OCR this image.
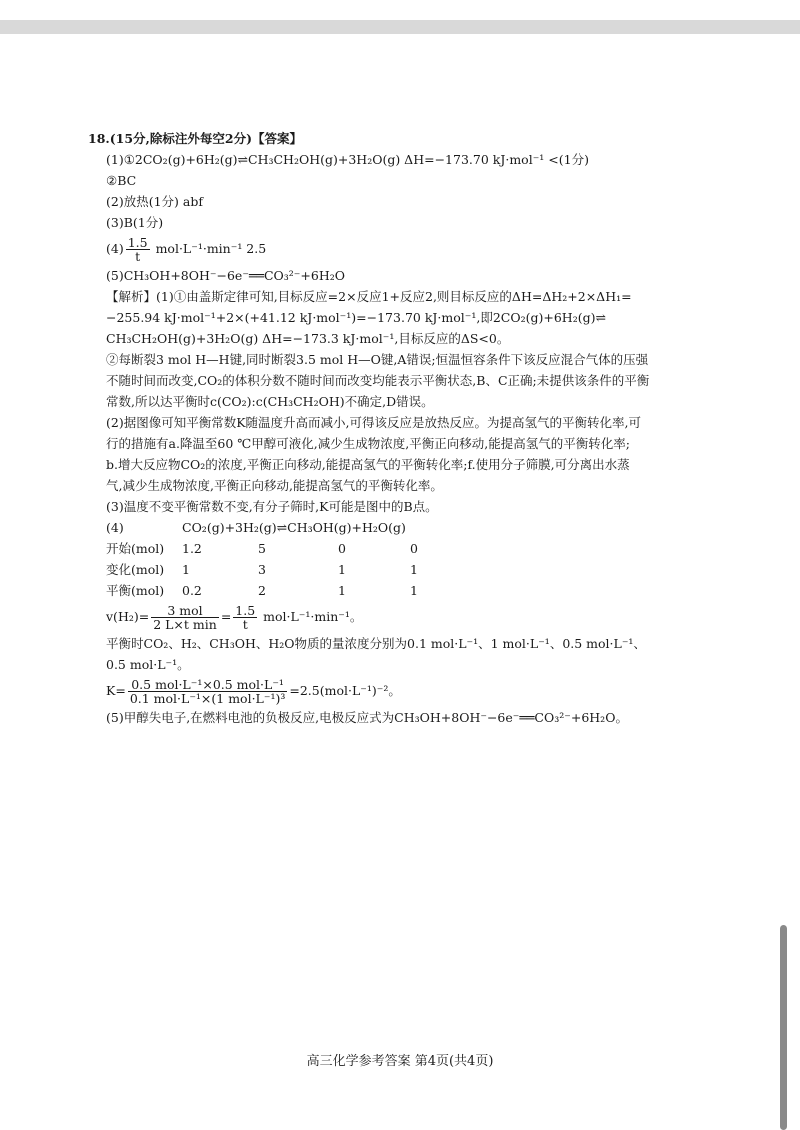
18.(15分,除标注外每空2分)【答案】
(1)①2CO₂(g)+6H₂(g)⇌CH₃CH₂OH(g)+3H₂O(g) ΔH=−173.70 kJ·mol⁻¹ <(1分)
②BC
(2)放热(1分) abf
(3)B(1分)
$(4) \frac{1.5}{t} mol\cdot L^{-1}\cdot\min^{-1}$ 2.5
(5)CH₃OH+8OH⁻−6e⁻══CO₃²⁻+6H₂O
【解析】(1)①由盖斯定律可知,目标反应=2×反应1+反应2,则目标反应的ΔH=ΔH₂+2×ΔH₁=
−255.94 kJ·mol⁻¹+2×(+41.12 kJ·mol⁻¹)=−173.70 kJ·mol⁻¹,即2CO₂(g)+6H₂(g)⇌
CH₃CH₂OH(g)+3H₂O(g) ΔH=−173.3 kJ·mol⁻¹,目标反应的ΔS<0。
②每断裂3 mol H—H键,同时断裂3.5 mol H—O键,A错误;恒温恒容条件下该反应混合气体的压强
不随时间而改变,CO₂的体积分数不随时间而改变均能表示平衡状态,B、C正确;未提供该条件的平衡
常数,所以达平衡时c(CO₂):c(CH₃CH₂OH)不确定,D错误。
(2)据图像可知平衡常数K随温度升高而减小,可得该反应是放热反应。为提高氢气的平衡转化率,可
行的措施有a.降温至60 ℃甲醇可液化,减少生成物浓度,平衡正向移动,能提高氢气的平衡转化率;
b.增大反应物CO₂的浓度,平衡正向移动,能提高氢气的平衡转化率;f.使用分子筛膜,可分离出水蒸
气,减少生成物浓度,平衡正向移动,能提高氢气的平衡转化率。
(3)温度不变平衡常数不变,有分子筛时,K可能是图中的B点。
(4)	CO₂(g)+3H₂(g)⇌CH₃OH(g)+H₂O(g)			
开始(mol)	1.2	5	0	0
变化(mol)	1	3	1	1
平衡(mol)	0.2	2	1	1
$v(H_2)= \frac{\text{3 mol}}{\text{2 L×t min}} = \frac{1.5}{t} mol\cdot L^{-1}\cdot\min^{-1}$。
平衡时CO₂、H₂、CH₃OH、H₂O物质的量浓度分别为0.1 mol·L⁻¹、1 mol·L⁻¹、0.5 mol·L⁻¹、
0.5 mol·L⁻¹。
$K= \frac{\text{0.5 mol·L⁻¹×0.5 mol·L⁻¹}}{\text{0.1 mol·L⁻¹×(1 mol·L⁻¹)³}} =2.5(mol\cdot L^{-1})^{-2}$。
(5)甲醇失电子,在燃料电池的负极反应,电极反应式为CH₃OH+8OH⁻−6e⁻══CO₃²⁻+6H₂O。
高三化学参考答案 第4页(共4页)
